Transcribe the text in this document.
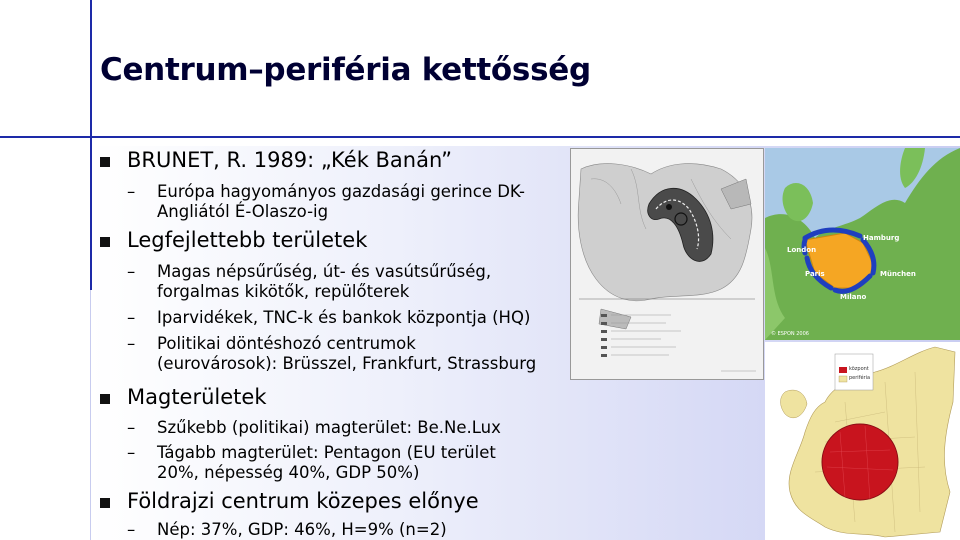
Centrum–periféria kettősség
BRUNET, R. 1989: „Kék Banán”
– Európa hagyományos gazdasági gerince DK-
Angliától É-Olaszo-ig
Legfejlettebb területek
– Magas népsűrűség, út- és vasútsűrűség,
forgalmas kikötők, repülőterek
– Iparvidékek, TNC-k és bankok központja (HQ)
– Politikai döntéshozó centrumok
(eurovárosok): Brüsszel, Frankfurt, Strassburg
Magterületek
– Szűkebb (politikai) magterület: Be.Ne.Lux
– Tágabb magterület: Pentagon (EU terület
20%, népesség 40%, GDP 50%)
Földrajzi centrum közepes előnye
– Nép: 37%, GDP: 46%, H=9% (n=2)
London
Hamburg
Paris	München
Milano
© ESPON 2006
központ
periféria
